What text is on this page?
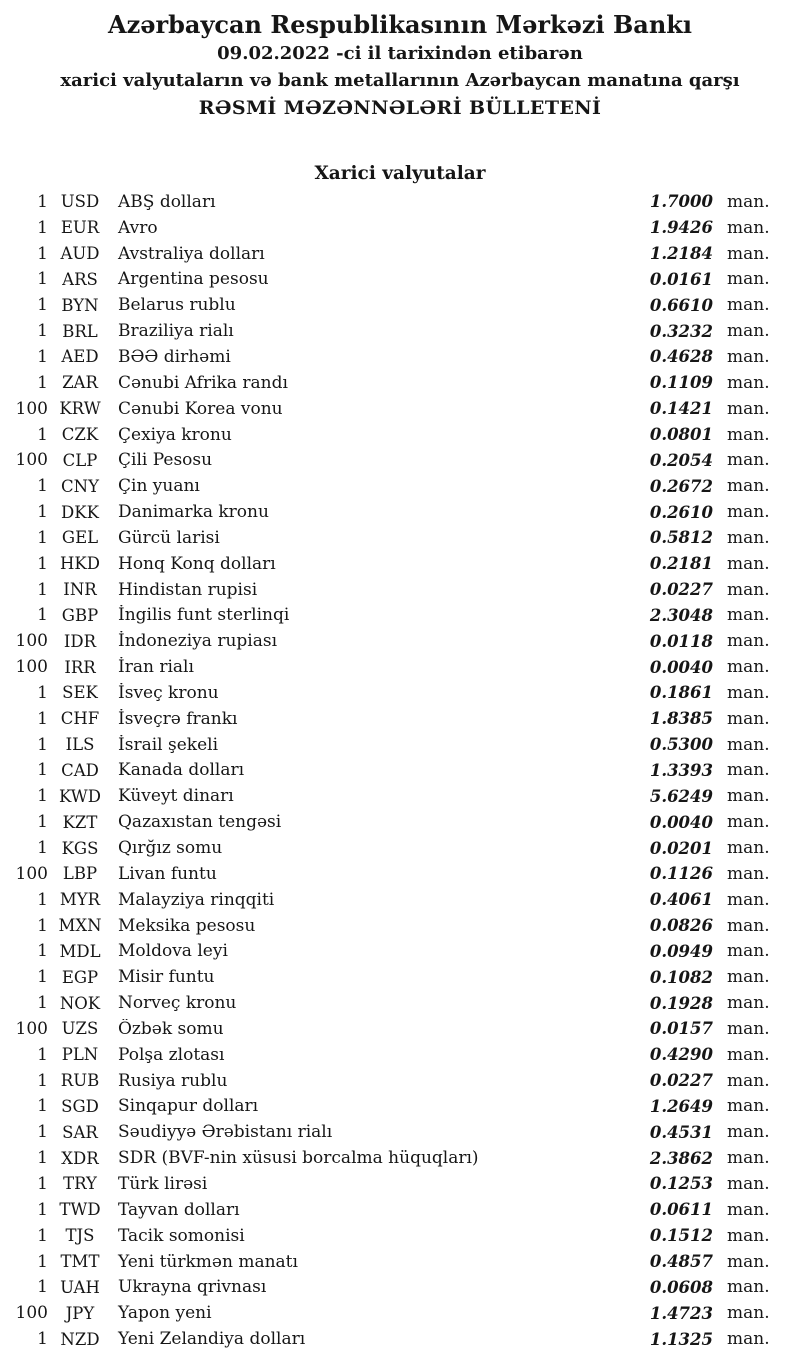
Azərbaycan Respublikasının Mərkəzi Bankı
09.02.2022 -ci il tarixindən etibarən
xarici valyutaların və bank metallarının Azərbaycan manatına qarşı
RƏSMİ MƏZƏNNƏLƏRİ BÜLLETENİ
Xarici valyutalar
1 USD	ABŞ dolları	1.7000 man.
1 EUR	Avro	1.9426 man.
1 AUD	Avstraliya dolları	1.2184 man.
1 ARS	Argentina pesosu	0.0161 man.
1 BYN	Belarus rublu	0.6610 man.
1 BRL	Braziliya rialı	0.3232 man.
1 AED	BƏƏ dirhəmi	0.4628 man.
1 ZAR	Cənubi Afrika randı	0.1109 man.
100 KRW	Cənubi Korea vonu	0.1421 man.
1 CZK	Çexiya kronu	0.0801 man.
100 CLP	Çili Pesosu	0.2054 man.
1 CNY	Çin yuanı	0.2672 man.
1 DKK	Danimarka kronu	0.2610 man.
1 GEL	Gürcü larisi	0.5812 man.
1 HKD	Honq Konq dolları	0.2181 man.
1 INR	Hindistan rupisi	0.0227 man.
1 GBP	İngilis funt sterlinqi	2.3048 man.
100 IDR	İndoneziya rupiası	0.0118 man.
100 IRR	İran rialı	0.0040 man.
1 SEK	İsveç kronu	0.1861 man.
1 CHF	İsveçrə frankı	1.8385 man.
1	ILS	İsrail şekeli	0.5300 man.
1 CAD	Kanada dolları	1.3393 man.
1 KWD	Küveyt dinarı	5.6249 man.
1 KZT	Qazaxıstan tengəsi	0.0040 man.
1 KGS	Qırğız somu	0.0201 man.
100 LBP	Livan funtu	0.1126 man.
1 MYR	Malayziya rinqqiti	0.4061 man.
1 MXN Meksika pesosu	0.0826 man.
1 MDL	Moldova leyi	0.0949 man.
1 EGP	Misir funtu	0.1082 man.
1 NOK	Norveç kronu	0.1928 man.
100 UZS	Özbək somu	0.0157 man.
1 PLN	Polşa zlotası	0.4290 man.
1 RUB	Rusiya rublu	0.0227 man.
1 SGD	Sinqapur dolları	1.2649 man.
1 SAR	Səudiyyə Ərəbistanı rialı	0.4531 man.
1 XDR	SDR (BVF-nin xüsusi borcalma hüquqları)	2.3862 man.
1 TRY	Türk lirəsi	0.1253 man.
1 TWD	Tayvan dolları	0.0611 man.
1	TJS	Tacik somonisi	0.1512 man.
1 TMT	Yeni türkmən manatı	0.4857 man.
1 UAH	Ukrayna qrivnası	0.0608 man.
100	JPY	Yapon yeni	1.4723 man.
1 NZD	Yeni Zelandiya dolları	1.1325 man.
